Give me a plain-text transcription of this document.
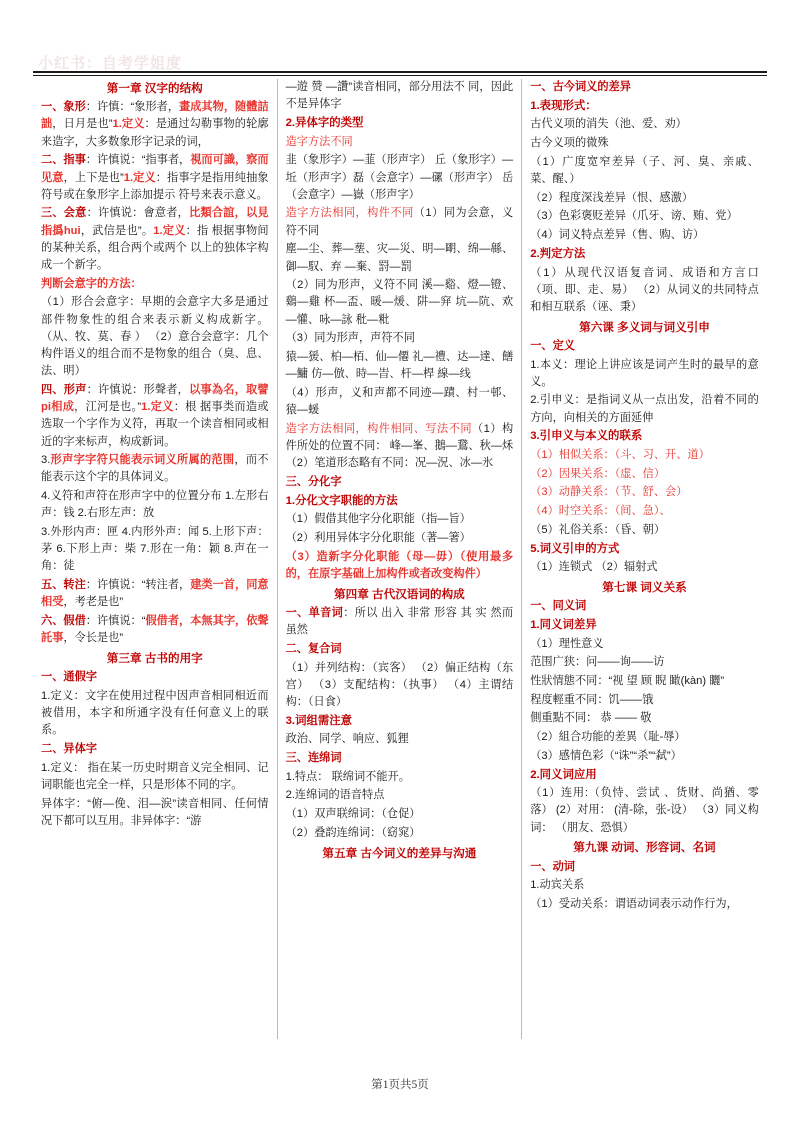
小红书：自考学姐度

第一章 汉字的结构

一、象形：许慎：“象形者，畫成其物，随體詰詘，日月是也”1.定义：是通过勾勒事物的轮廓来造字，大多数象形字记录的词，

二、指事：许慎说：“指事者，視而可識，察而见意，上下是也”1.定义：指事字是指用纯抽象符号或在象形字上添加提示 符号来表示意义。

三、会意：许慎说：會意者，比類合誼，以見指撝hui，武信是也”。1.定义：指 根据事物间的某种关系，组合两个或两个 以上的独体字构成一个新字。

判断会意字的方法：

（1）形合会意字：早期的会意字大多是通过部件物象性的组合来表示新义构成新字。（从、牧、莫、春 ） （2）意合会意字：几个构件语义的组合而不是物象的组合（臭、息、法、明）

四、形声：许慎说：形聲者，以事為名，取譬pi相成，江河是也。”1.定义：根 据事类而造或选取一个字作为义符，再取一个读音相同或相近的字来标声，构成新词。

3.形声字字符只能表示词义所属的范围，而不能表示这个字的具体词义。

4.义符和声符在形声字中的位置分布 1.左形右声：钱 2.右形左声：放

3.外形内声：匣 4.内形外声：闻 5.上形下声：茅 6.下形上声：柴 7.形在一角：颖 8.声在一角：徒

五、转注：许慎说：“转注者，建类一首，同意相受，考老是也”

六、假借：许慎说：“假借者，本無其字，依聲託事，令长是也”

第三章 古书的用字

一、通假字

1.定义：文字在使用过程中因声音相同相近而被借用，本字和所通字没有任何意义上的联系。

二、异体字

1.定义： 指在某一历史时期音义完全相同、记词职能也完全一样，只是形体不同的字。

异体字：“俯—俛、泪—涙”读音相同、任何情况下都可以互用。非异体字：“游

—遊 赞 —讚”读音相同，部分用法不 同，因此不是异体字

2.异体字的类型

造字方法不同

韭（象形字）—韮（形声字） 丘（象形字）—坵（形声字）磊（会意字）—磥（形声字） 岳（会意字）—嶽（形声字）

造字方法相同，构件不同（1）同为会意，义符不同

塵—尘、葬—塟、灾—災、明—朙、绵—緜、御—馭、弃 —棄、罸—罰

（2）同为形声，义符不同 溪—谿、燈—镫、鷄—雞 杯—盃、暖—煖、阱—穽 坑—阬、欢—懽、咏—詠 秕—粃

（3）同为形声，声符不同

猿—猨、柏—栢、仙—僊 礼—禮、达—達、饍—鱅 仿—倣、時—旹、杆—桿 線—线

（4）形声，义和声都不同迹—蹟、村一邨、猿—蝯

造字方法相同，构件相同、写法不同（1）构件所处的位置不同： 峰—峯、鵝—鵞、秋—秌 （2）笔道形态略有不同：况—況、冰—氷

三、分化字

1.分化文字职能的方法

（1）假借其他字分化职能（指—旨）

（2）利用异体字分化职能（著—箸）

（3）造新字分化职能（母—毋）（使用最多的，在原字基础上加构件或者改变构件）

第四章 古代汉语词的构成

一、单音词：所以 出入 非常 形容 其 实 然而 虽然

二、复合词

（1）并列结构：（宾客） （2）偏正结构（东宫） （3）支配结构：（执事） （4）主谓结构：（日食）

3.词组需注意

政治、同学、响应、狐狸

三、连绵词

1.特点： 联绵词不能开。

2.连绵词的语音特点

（1）双声联绵词：（仓促）

（2）叠韵连绵词：（窈窕）

第五章 古今词义的差异与沟通

一、古今词义的差异

1.表现形式：

古代义项的消失（池、爱、劝）

古今义项的微殊

（1）广度宽窄差异（子、河、臭、亲戚、菜、醒、）

（2）程度深浅差异（恨、感激）

（3）色彩褒贬差异（爪牙、谤、贿、党）

（4）词义特点差异（售、购、访）

2.判定方法

（1）从现代汉语复音词、成语和方言口（项、即、走、易） （2）从词义的共同特点和相互联系（诬、秉）

第六课 多义词与词义引申

一、定义

1.本义：理论上讲应该是词产生时的最早的意义。

2.引申义：是指词义从一点出发，沿着不同的方向，向相关的方面延伸

3.引申义与本义的联系

（1）相似关系：（斗、习、开、道）

（2）因果关系：（虚、信）

（3）动静关系：（节、舒、会）

（4）时空关系：（间、急）、

（5）礼俗关系：（昏、朝）

5.词义引申的方式

（1）连锁式 （2）辐射式

第七课 词义关系

一、同义词

1.同义词差异

（1）理性意义

范围广狭：问——询——访

性狀情態不同：“视 望 顾 睨 瞰(kàn) 矖”

程度輕重不同：饥——饿

側重點不同： 恭 —— 敬

（2）組合功能的差異（耻-辱）

（3）感情色彩（“诛”“杀”“弑”）

2.同义词应用

（1）连用:（负恃、尝试 、货财、尚猶、零落） (2）对用： (清-除，张-设） （3）同义构词： （朋友、恐惧）

第九课 动词、形容词、名词

一、动词

1.动宾关系

（1）受动关系：谓语动词表示动作行为，

第1页共5页
